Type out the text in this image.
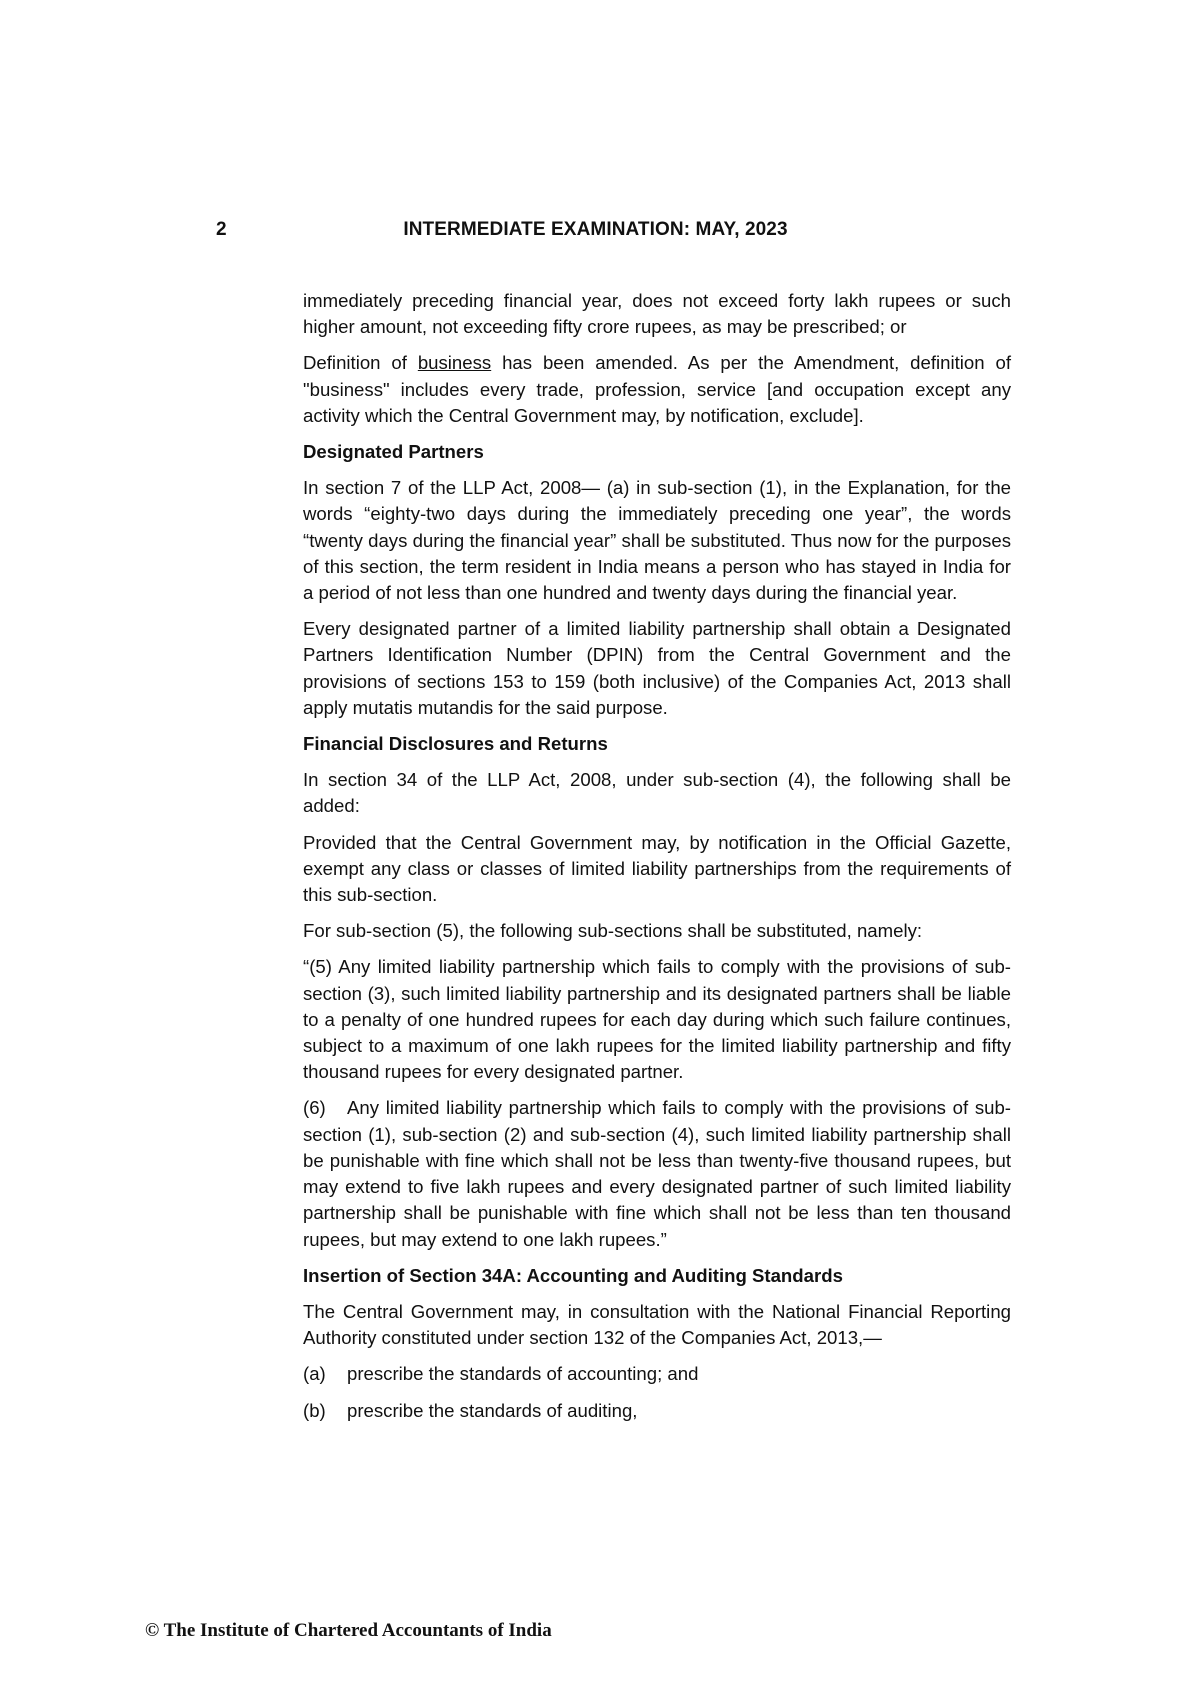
2	INTERMEDIATE EXAMINATION: MAY, 2023

immediately preceding financial year, does not exceed forty lakh rupees or such higher amount, not exceeding fifty crore rupees, as may be prescribed; or

Definition of business has been amended. As per the Amendment, definition of "business" includes every trade, profession, service [and occupation except any activity which the Central Government may, by notification, exclude].

Designated Partners

In section 7 of the LLP Act, 2008— (a) in sub-section (1), in the Explanation, for the words “eighty-two days during the immediately preceding one year”, the words “twenty days during the financial year” shall be substituted. Thus now for the purposes of this section, the term resident in India means a person who has stayed in India for a period of not less than one hundred and twenty days during the financial year.

Every designated partner of a limited liability partnership shall obtain a Designated Partners Identification Number (DPIN) from the Central Government and the provisions of sections 153 to 159 (both inclusive) of the Companies Act, 2013 shall apply mutatis mutandis for the said purpose.

Financial Disclosures and Returns

In section 34 of the LLP Act, 2008, under sub-section (4), the following shall be added:

Provided that the Central Government may, by notification in the Official Gazette, exempt any class or classes of limited liability partnerships from the requirements of this sub-section.

For sub-section (5), the following sub-sections shall be substituted, namely:

“(5) Any limited liability partnership which fails to comply with the provisions of sub-section (3), such limited liability partnership and its designated partners shall be liable to a penalty of one hundred rupees for each day during which such failure continues, subject to a maximum of one lakh rupees for the limited liability partnership and fifty thousand rupees for every designated partner.

(6) Any limited liability partnership which fails to comply with the provisions of sub-section (1), sub-section (2) and sub-section (4), such limited liability partnership shall be punishable with fine which shall not be less than twenty-five thousand rupees, but may extend to five lakh rupees and every designated partner of such limited liability partnership shall be punishable with fine which shall not be less than ten thousand rupees, but may extend to one lakh rupees.”

Insertion of Section 34A: Accounting and Auditing Standards

The Central Government may, in consultation with the National Financial Reporting Authority constituted under section 132 of the Companies Act, 2013,—

(a) prescribe the standards of accounting; and
(b) prescribe the standards of auditing,
© The Institute of Chartered Accountants of India
